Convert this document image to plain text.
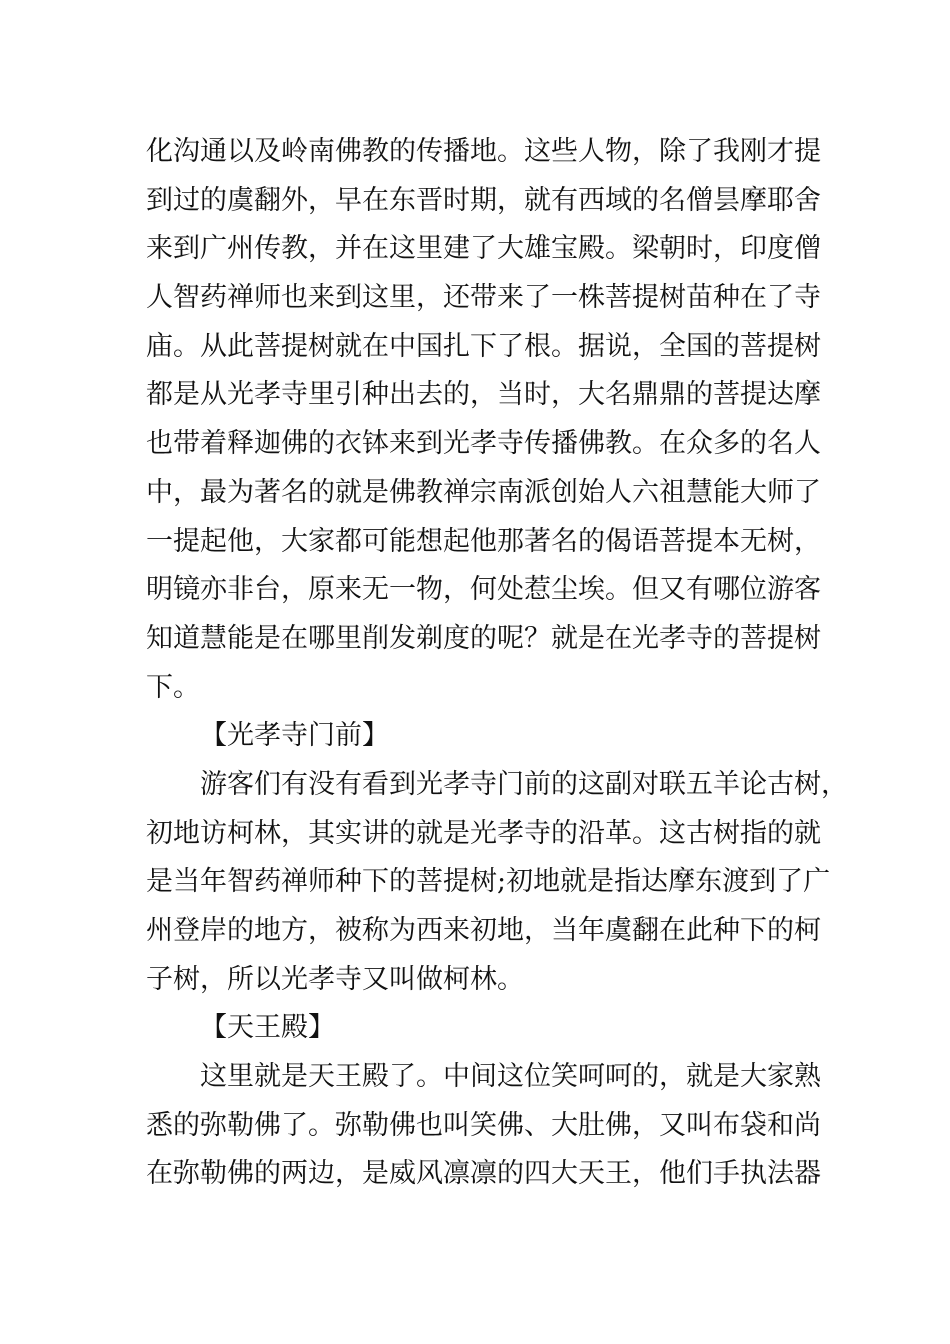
化沟通以及岭南佛教的传播地。这些人物，除了我刚才提
到过的虞翻外，早在东晋时期，就有西域的名僧昙摩耶舍
来到广州传教，并在这里建了大雄宝殿。梁朝时，印度僧
人智药禅师也来到这里，还带来了一株菩提树苗种在了寺
庙。从此菩提树就在中国扎下了根。据说，全国的菩提树
都是从光孝寺里引种出去的，当时，大名鼎鼎的菩提达摩
也带着释迦佛的衣钵来到光孝寺传播佛教。在众多的名人
中，最为著名的就是佛教禅宗南派创始人六祖慧能大师了
一提起他，大家都可能想起他那著名的偈语菩提本无树，
明镜亦非台，原来无一物，何处惹尘埃。但又有哪位游客
知道慧能是在哪里削发剃度的呢？就是在光孝寺的菩提树
下。
【光孝寺门前】
游客们有没有看到光孝寺门前的这副对联五羊论古树，
初地访柯林，其实讲的就是光孝寺的沿革。这古树指的就
是当年智药禅师种下的菩提树;初地就是指达摩东渡到了广
州登岸的地方，被称为西来初地，当年虞翻在此种下的柯
子树，所以光孝寺又叫做柯林。
【天王殿】
这里就是天王殿了。中间这位笑呵呵的，就是大家熟
悉的弥勒佛了。弥勒佛也叫笑佛、大肚佛，又叫布袋和尚
在弥勒佛的两边，是威风凛凛的四大天王，他们手执法器
